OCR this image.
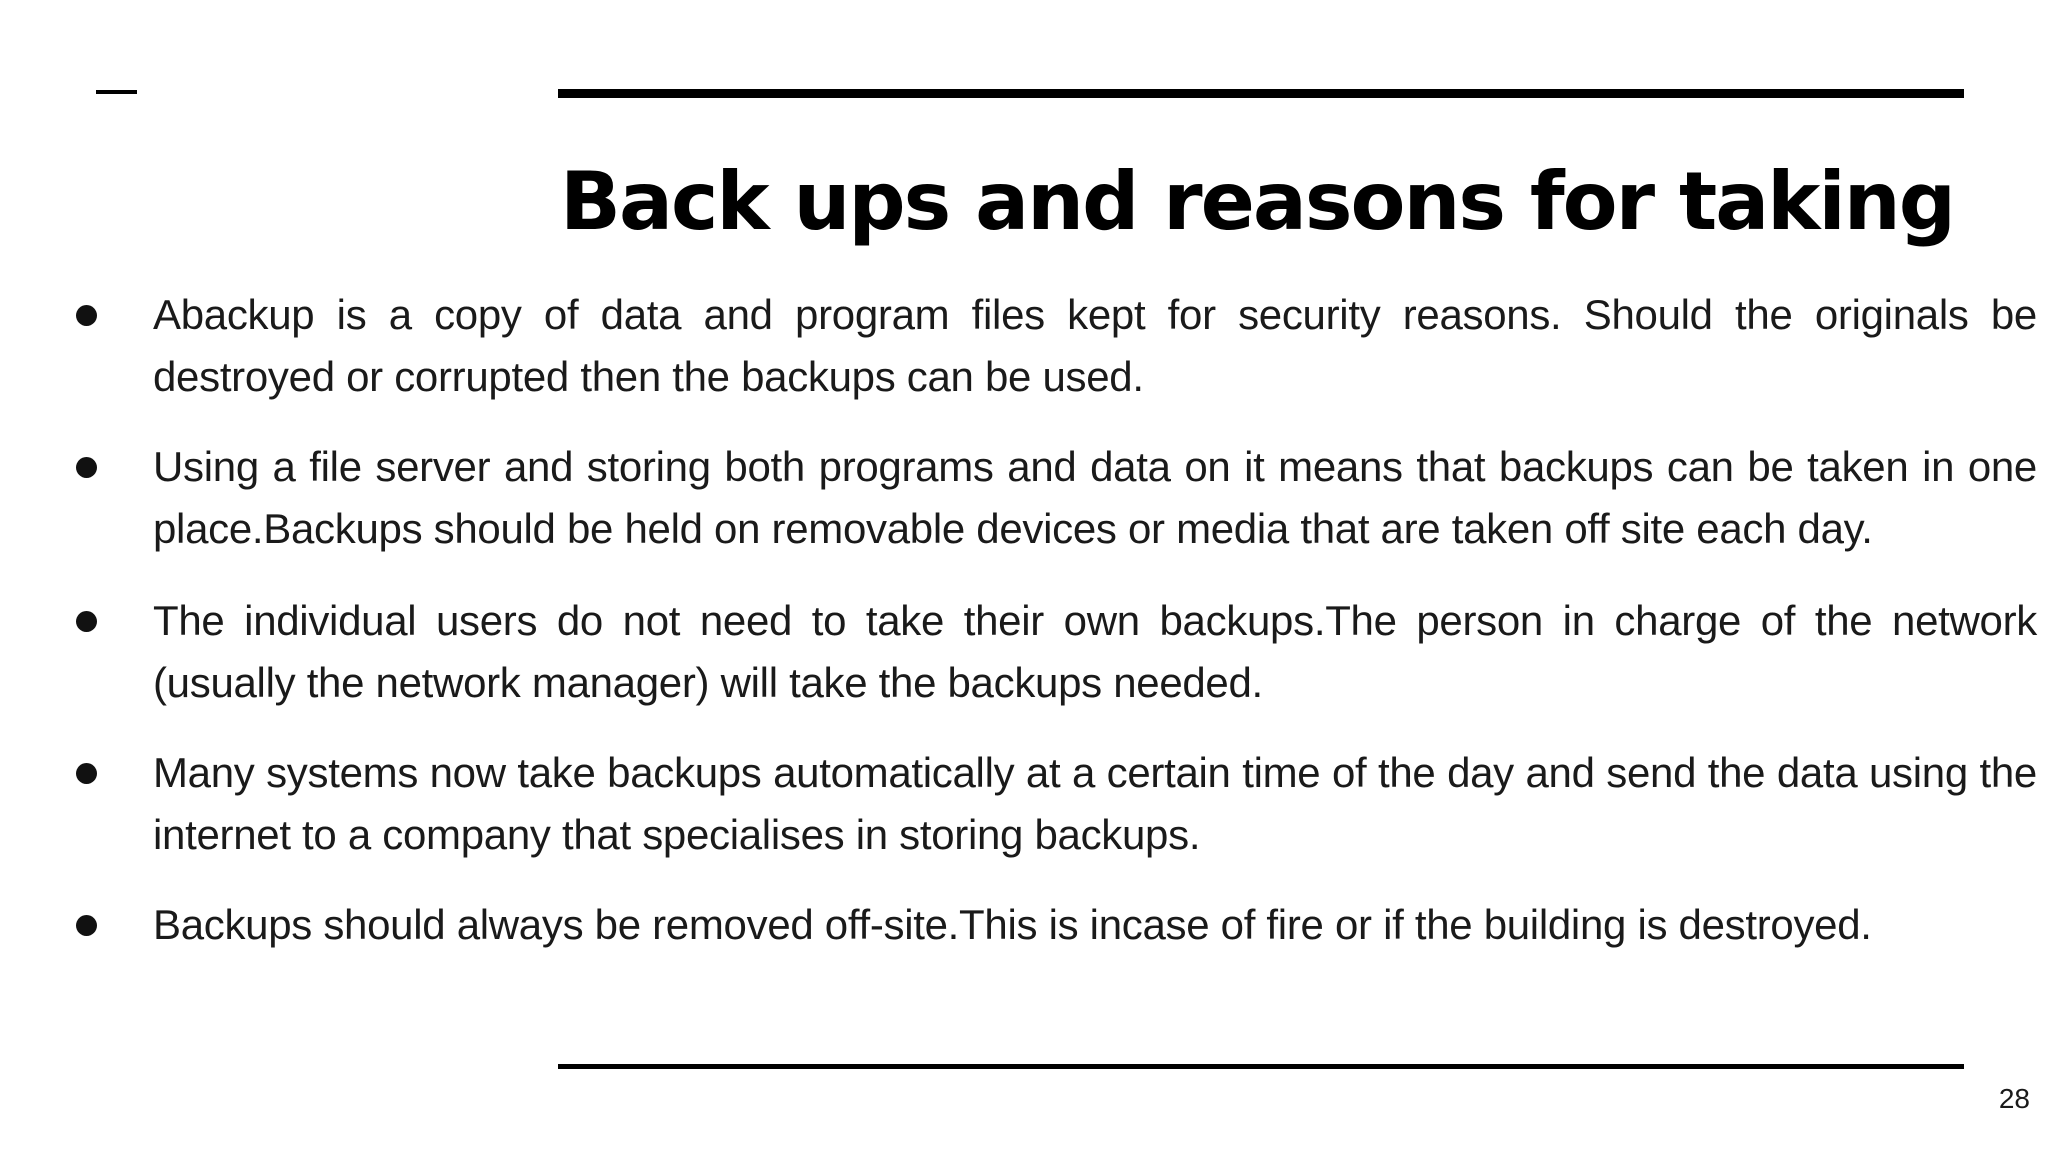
Back ups and reasons for taking

Abackup is a copy of data and program files kept for security reasons. Should the originals be destroyed or corrupted then the backups can be used.

Using a file server and storing both programs and data on it means that backups can be taken in one place.Backups should be held on removable devices or media that are taken off site each day.

The individual users do not need to take their own backups.The person in charge of the network (usually the network manager) will take the backups needed.

Many systems now take backups automatically at a certain time of the day and send the data using the internet to a company that specialises in storing backups.

Backups should always be removed off-site.This is incase of fire or if the building is destroyed.

28
